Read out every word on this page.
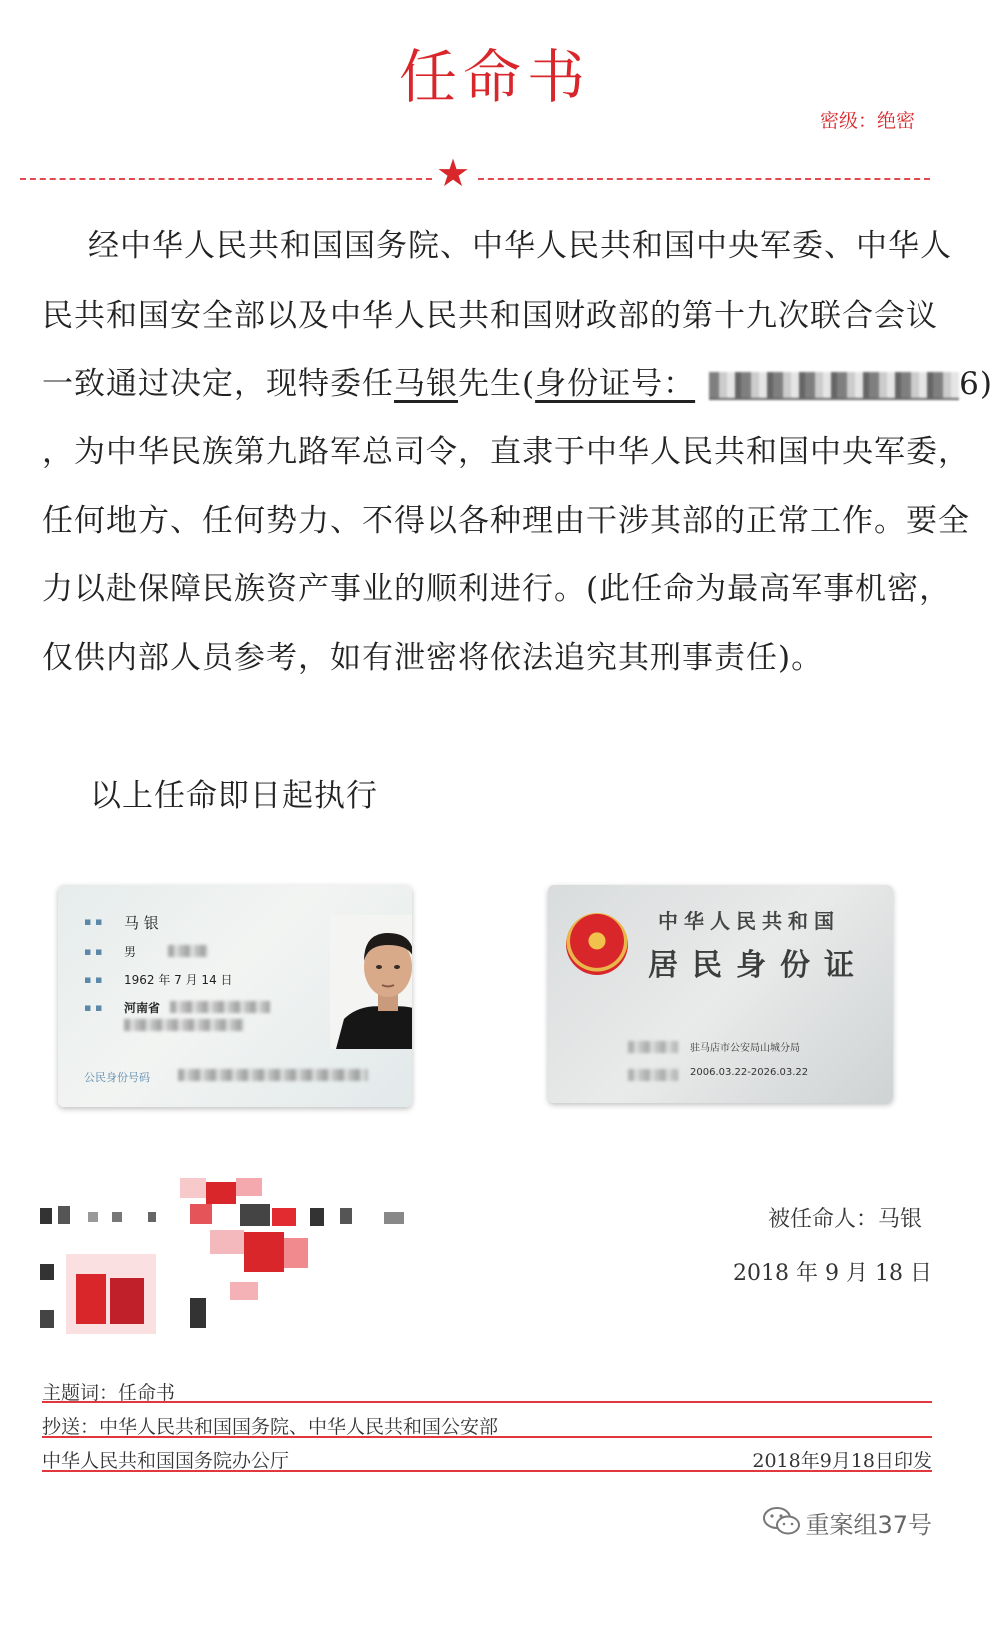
任命书
密级：绝密
★
经中华人民共和国国务院、中华人民共和国中央军委、中华人
民共和国安全部以及中华人民共和国财政部的第十九次联合会议
一致通过决定，现特委任马银先生(身份证号：	6)
，为中华民族第九路军总司令，直隶于中华人民共和国中央军委，
任何地方、任何势力、不得以各种理由干涉其部的正常工作。要全
力以赴保障民族资产事业的顺利进行。(此任命为最高军事机密，
仅供内部人员参考，如有泄密将依法追究其刑事责任)。
以上任命即日起执行
▪ ▪ 马 银
▪ ▪ 男
▪ ▪ 1962 年 7 月 14 日
▪ ▪ 河南省
公民身份号码
中华人民共和国
居民身份证
驻马店市公安局山城分局
2006.03.22-2026.03.22
被任命人：马银
2018 年 9 月 18 日
主题词：任命书
抄送：中华人民共和国国务院、中华人民共和国公安部
中华人民共和国国务院办公厅	2018年9月18日印发
重案组37号
